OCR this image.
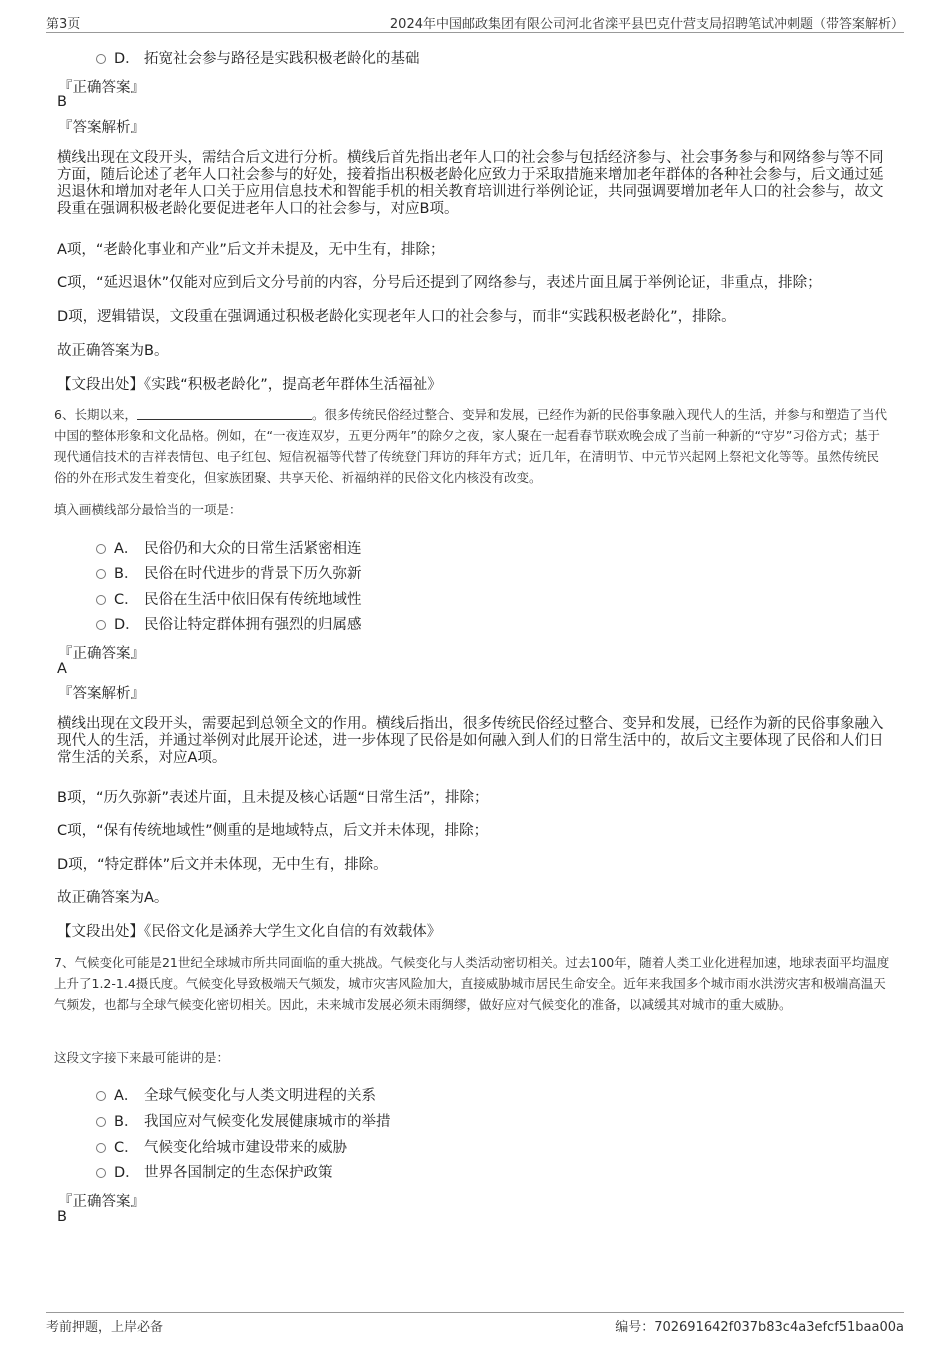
第3页	2024年中国邮政集团有限公司河北省滦平县巴克什营支局招聘笔试冲刺题（带答案解析）
D． 拓宽社会参与路径是实践积极老龄化的基础
『正确答案』
B
『答案解析』
横线出现在文段开头，需结合后文进行分析。横线后首先指出老年人口的社会参与包括经济参与、社会事务参与和网络参与等不同方面，随后论述了老年人口社会参与的好处，接着指出积极老龄化应致力于采取措施来增加老年群体的各种社会参与，后文通过延迟退休和增加对老年人口关于应用信息技术和智能手机的相关教育培训进行举例论证，共同强调要增加老年人口的社会参与，故文段重在强调积极老龄化要促进老年人口的社会参与，对应B项。
A项，“老龄化事业和产业”后文并未提及，无中生有，排除；
C项，“延迟退休”仅能对应到后文分号前的内容，分号后还提到了网络参与，表述片面且属于举例论证，非重点，排除；
D项，逻辑错误，文段重在强调通过积极老龄化实现老年人口的社会参与，而非“实践积极老龄化”，排除。
故正确答案为B。
【文段出处】《实践“积极老龄化”，提高老年群体生活福祉》
6、长期以来，	。很多传统民俗经过整合、变异和发展，已经作为新的民俗事象融入现代人的生活，并参与和塑造了当代中国的整体形象和文化品格。例如，在“一夜连双岁，五更分两年”的除夕之夜，家人聚在一起看春节联欢晚会成了当前一种新的“守岁”习俗方式；基于现代通信技术的吉祥表情包、电子红包、短信祝福等代替了传统登门拜访的拜年方式；近几年，在清明节、中元节兴起网上祭祀文化等等。虽然传统民俗的外在形式发生着变化，但家族团聚、共享天伦、祈福纳祥的民俗文化内核没有改变。
填入画横线部分最恰当的一项是：
A． 民俗仍和大众的日常生活紧密相连
B． 民俗在时代进步的背景下历久弥新
C． 民俗在生活中依旧保有传统地域性
D． 民俗让特定群体拥有强烈的归属感
『正确答案』
A
『答案解析』
横线出现在文段开头，需要起到总领全文的作用。横线后指出，很多传统民俗经过整合、变异和发展，已经作为新的民俗事象融入现代人的生活，并通过举例对此展开论述，进一步体现了民俗是如何融入到人们的日常生活中的，故后文主要体现了民俗和人们日常生活的关系，对应A项。
B项，“历久弥新”表述片面，且未提及核心话题“日常生活”，排除；
C项，“保有传统地域性”侧重的是地域特点，后文并未体现，排除；
D项，“特定群体”后文并未体现，无中生有，排除。
故正确答案为A。
【文段出处】《民俗文化是涵养大学生文化自信的有效载体》
7、气候变化可能是21世纪全球城市所共同面临的重大挑战。气候变化与人类活动密切相关。过去100年，随着人类工业化进程加速，地球表面平均温度上升了1.2-1.4摄氏度。气候变化导致极端天气频发，城市灾害风险加大，直接威胁城市居民生命安全。近年来我国多个城市雨水洪涝灾害和极端高温天气频发，也都与全球气候变化密切相关。因此，未来城市发展必须未雨绸缪，做好应对气候变化的准备，以减缓其对城市的重大威胁。
这段文字接下来最可能讲的是：
A． 全球气候变化与人类文明进程的关系
B． 我国应对气候变化发展健康城市的举措
C． 气候变化给城市建设带来的威胁
D． 世界各国制定的生态保护政策
『正确答案』
B
考前押题，上岸必备	编号：702691642f037b83c4a3efcf51baa00a
